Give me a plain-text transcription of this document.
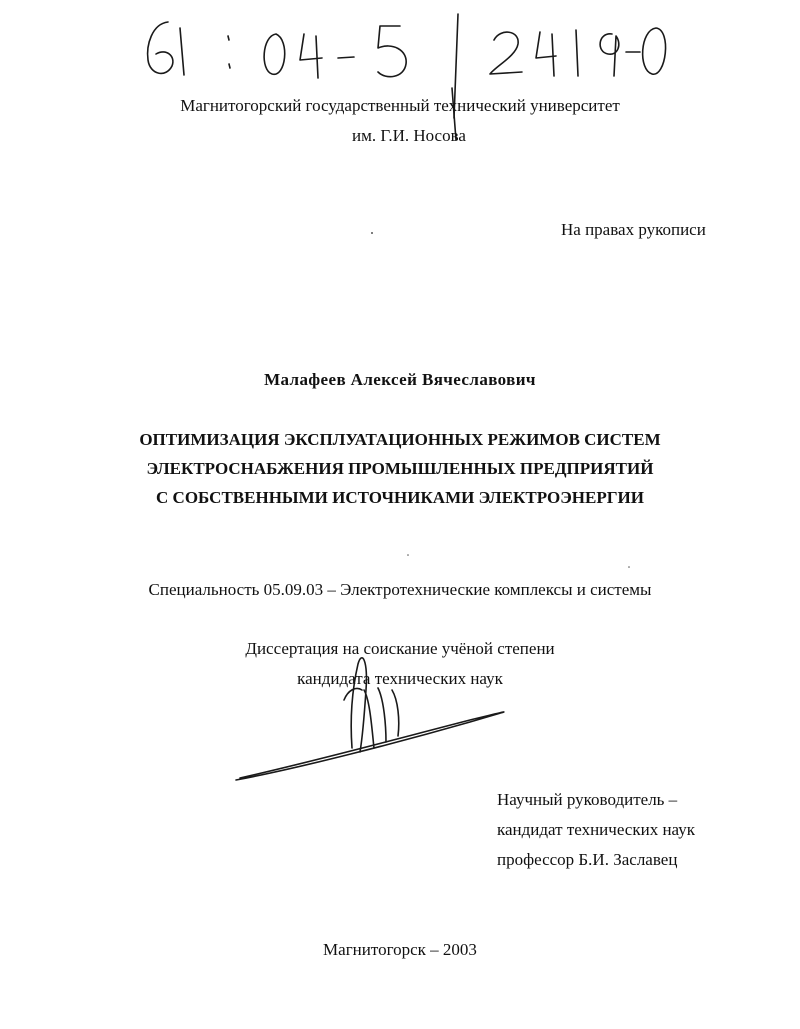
Магнитогорский государственный технический университет
им. Г.И. Носова
На правах рукописи
Малафеев Алексей Вячеславович
ОПТИМИЗАЦИЯ ЭКСПЛУАТАЦИОННЫХ РЕЖИМОВ СИСТЕМ
ЭЛЕКТРОСНАБЖЕНИЯ ПРОМЫШЛЕННЫХ ПРЕДПРИЯТИЙ
С СОБСТВЕННЫМИ ИСТОЧНИКАМИ ЭЛЕКТРОЭНЕРГИИ
Специальность 05.09.03 – Электротехнические комплексы и системы
Диссертация на соискание учёной степени
кандидата технических наук
Научный руководитель –
кандидат технических наук
профессор Б.И. Заславец
Магнитогорск – 2003
